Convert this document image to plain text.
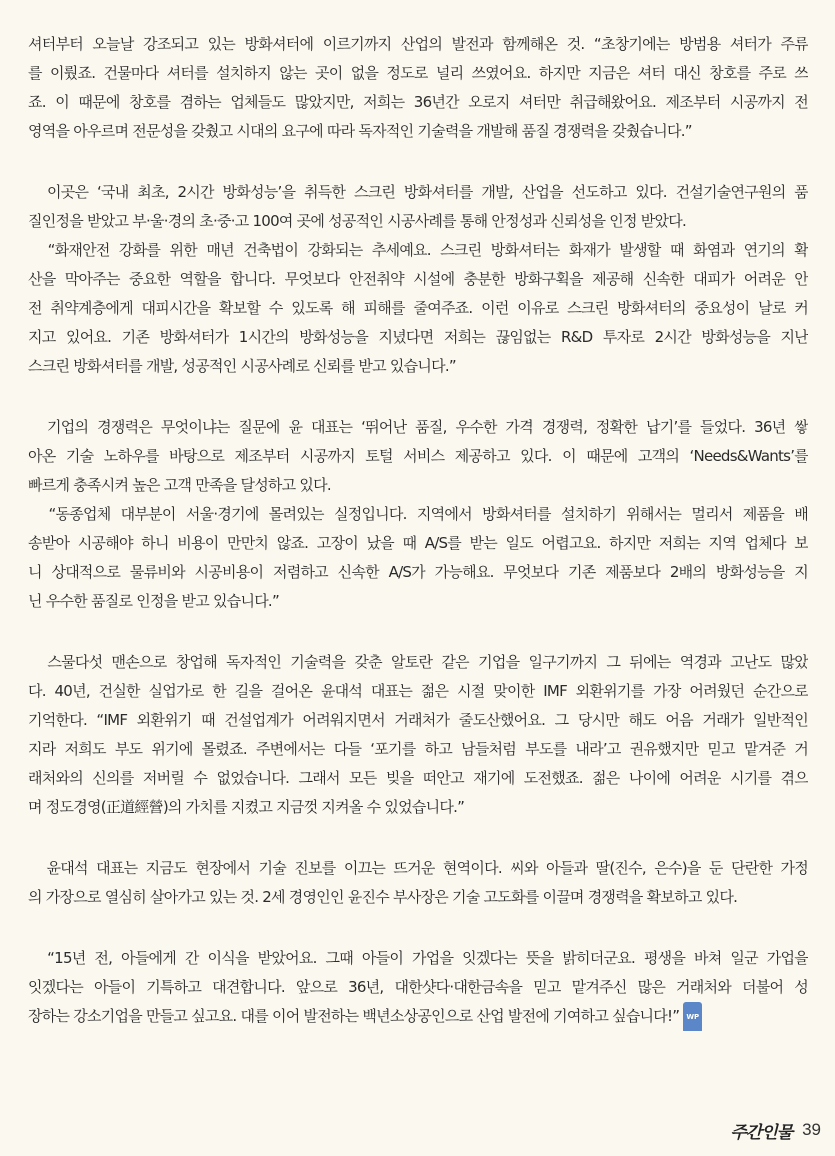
셔터부터 오늘날 강조되고 있는 방화셔터에 이르기까지 산업의 발전과 함께해온 것. “초창기에는 방범용 셔터가 주류
를 이뤘죠. 건물마다 셔터를 설치하지 않는 곳이 없을 정도로 널리 쓰였어요. 하지만 지금은 셔터 대신 창호를 주로 쓰
죠. 이 때문에 창호를 겸하는 업체들도 많았지만, 저희는 36년간 오로지 셔터만 취급해왔어요. 제조부터 시공까지 전
영역을 아우르며 전문성을 갖췄고 시대의 요구에 따라 독자적인 기술력을 개발해 품질 경쟁력을 갖췄습니다.”
　이곳은 ‘국내 최초, 2시간 방화성능’을 취득한 스크린 방화셔터를 개발, 산업을 선도하고 있다. 건설기술연구원의 품
질인정을 받았고 부·울·경의 초·중·고 100여 곳에 성공적인 시공사례를 통해 안정성과 신뢰성을 인정 받았다.
　“화재안전 강화를 위한 매년 건축법이 강화되는 추세예요. 스크린 방화셔터는 화재가 발생할 때 화염과 연기의 확
산을 막아주는 중요한 역할을 합니다. 무엇보다 안전취약 시설에 충분한 방화구획을 제공해 신속한 대피가 어려운 안
전 취약계층에게 대피시간을 확보할 수 있도록 해 피해를 줄여주죠. 이런 이유로 스크린 방화셔터의 중요성이 날로 커
지고 있어요. 기존 방화셔터가 1시간의 방화성능을 지녔다면 저희는 끊임없는 R&D 투자로 2시간 방화성능을 지난
스크린 방화셔터를 개발, 성공적인 시공사례로 신뢰를 받고 있습니다.”
　기업의 경쟁력은 무엇이냐는 질문에 윤 대표는 ‘뛰어난 품질, 우수한 가격 경쟁력, 정확한 납기’를 들었다. 36년 쌓
아온 기술 노하우를 바탕으로 제조부터 시공까지 토털 서비스 제공하고 있다. 이 때문에 고객의 ‘Needs&Wants’를
빠르게 충족시켜 높은 고객 만족을 달성하고 있다.
　“동종업체 대부분이 서울·경기에 몰려있는 실정입니다. 지역에서 방화셔터를 설치하기 위해서는 멀리서 제품을 배
송받아 시공해야 하니 비용이 만만치 않죠. 고장이 났을 때 A/S를 받는 일도 어렵고요. 하지만 저희는 지역 업체다 보
니 상대적으로 물류비와 시공비용이 저렴하고 신속한 A/S가 가능해요. 무엇보다 기존 제품보다 2배의 방화성능을 지
닌 우수한 품질로 인정을 받고 있습니다.”
　스물다섯 맨손으로 창업해 독자적인 기술력을 갖춘 알토란 같은 기업을 일구기까지 그 뒤에는 역경과 고난도 많았
다. 40년, 건실한 실업가로 한 길을 걸어온 윤대석 대표는 젊은 시절 맞이한 IMF 외환위기를 가장 어려웠던 순간으로
기억한다. “IMF 외환위기 때 건설업계가 어려워지면서 거래처가 줄도산했어요. 그 당시만 해도 어음 거래가 일반적인
지라 저희도 부도 위기에 몰렸죠. 주변에서는 다들 ‘포기를 하고 남들처럼 부도를 내라’고 권유했지만 믿고 맡겨준 거
래처와의 신의를 저버릴 수 없었습니다. 그래서 모든 빚을 떠안고 재기에 도전했죠. 젊은 나이에 어려운 시기를 겪으
며 정도경영(正道經營)의 가치를 지켰고 지금껏 지켜올 수 있었습니다.”
　윤대석 대표는 지금도 현장에서 기술 진보를 이끄는 뜨거운 현역이다. 씨와 아들과 딸(진수, 은수)을 둔 단란한 가정
의 가장으로 열심히 살아가고 있는 것. 2세 경영인인 윤진수 부사장은 기술 고도화를 이끌며 경쟁력을 확보하고 있다.
　“15년 전, 아들에게 간 이식을 받았어요. 그때 아들이 가업을 잇겠다는 뜻을 밝히더군요. 평생을 바쳐 일군 가업을
잇겠다는 아들이 기특하고 대견합니다. 앞으로 36년, 대한샷다·대한금속을 믿고 맡겨주신 많은 거래처와 더불어 성
장하는 강소기업을 만들고 싶고요. 대를 이어 발전하는 백년소상공인으로 산업 발전에 기여하고 싶습니다!” WP
주간인물 39
